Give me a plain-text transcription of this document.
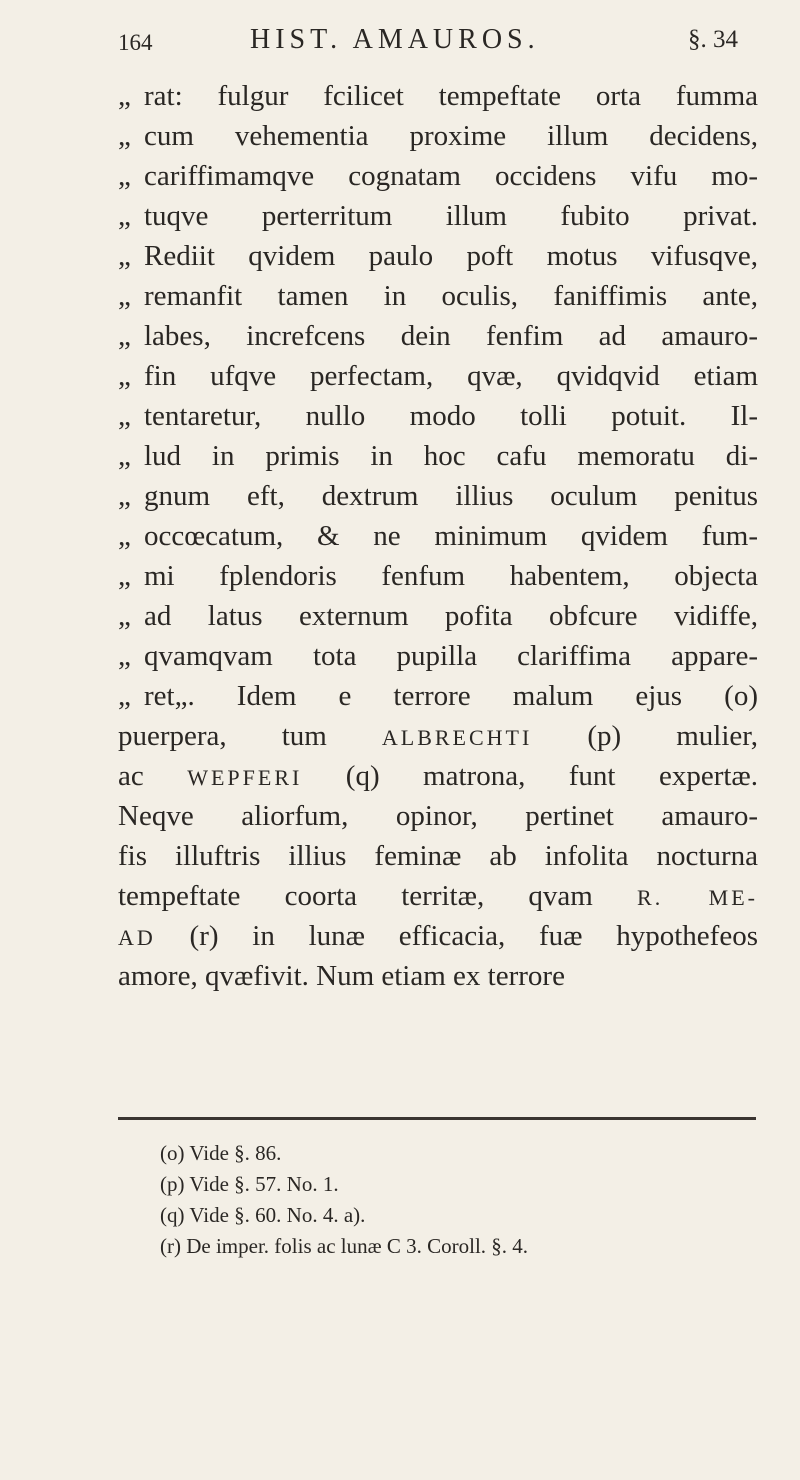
164	HIST. AMAUROS.	§. 34
„ rat: fulgur fcilicet tempeftate orta fumma
„ cum vehementia proxime illum decidens,
„ cariffimamqve cognatam occidens vifu mo-
„ tuqve perterritum illum fubito privat.
„ Rediit qvidem paulo poft motus vifusqve,
„ remanfit tamen in oculis, faniffimis ante,
„ labes, increfcens dein fenfim ad amauro-
„ fin ufqve perfectam, qvæ, qvidqvid etiam
„ tentaretur, nullo modo tolli potuit. Il-
„ lud in primis in hoc cafu memoratu di-
„ gnum eft, dextrum illius oculum penitus
„ occœcatum, & ne minimum qvidem fum-
„ mi fplendoris fenfum habentem, objecta
„ ad latus externum pofita obfcure vidiffe,
„ qvamqvam tota pupilla clariffima appare-
„ ret„. Idem e terrore malum ejus (o)
puerpera, tum ALBRECHTI (p) mulier,
ac WEPFERI (q) matrona, funt expertæ.
Neqve aliorfum, opinor, pertinet amauro-
fis illuftris illius feminæ ab infolita nocturna
tempeftate coorta territæ, qvam R. ME-
AD (r) in lunæ efficacia, fuæ hypothefeos
amore, qvæfivit. Num etiam ex terrore
(o) Vide §. 86.
(p) Vide §. 57. No. 1.
(q) Vide §. 60. No. 4. a).
(r) De imper. folis ac lunæ C 3. Coroll. §. 4.
